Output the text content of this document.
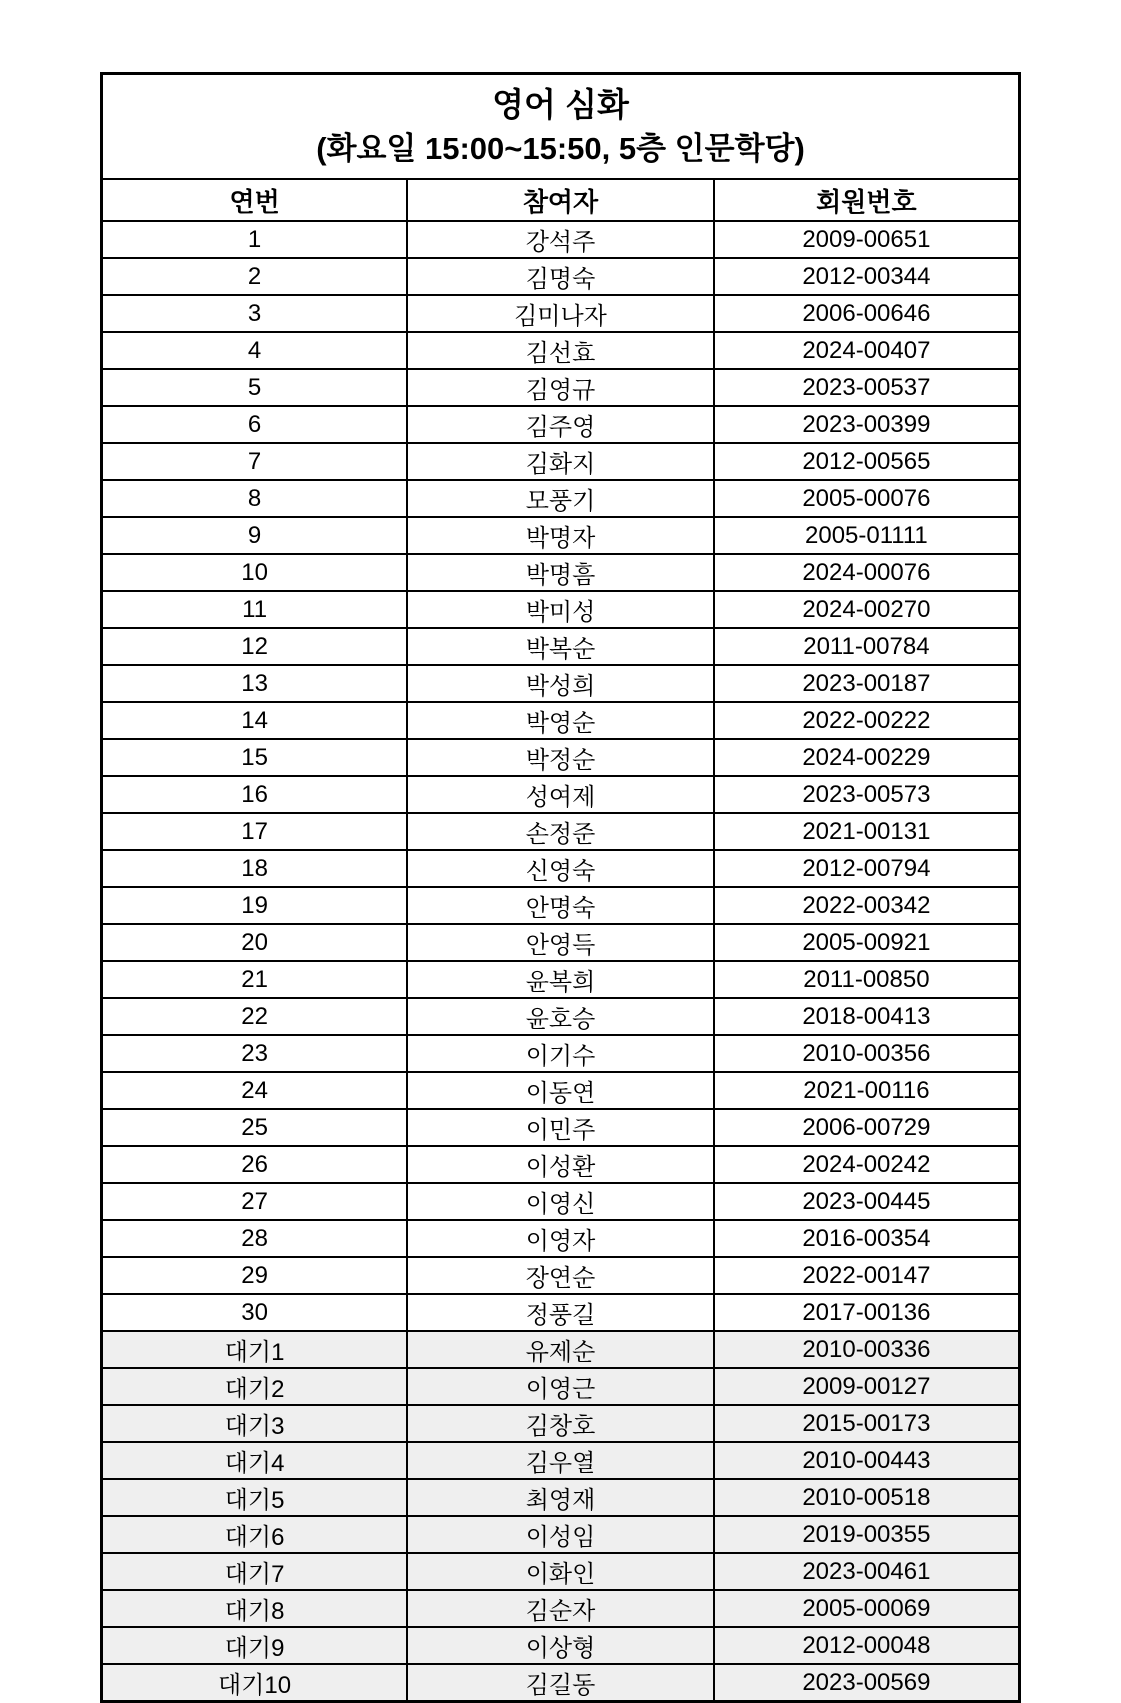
영어 심화
(화요일 15:00~15:50, 5층 인문학당)		

연번	참여자	회원번호
1	강석주	2009-00651
2	김명숙	2012-00344
3	김미나자	2006-00646
4	김선효	2024-00407
5	김영규	2023-00537
6	김주영	2023-00399
7	김화지	2012-00565
8	모풍기	2005-00076
9	박명자	2005-01111
10	박명흠	2024-00076
11	박미성	2024-00270
12	박복순	2011-00784
13	박성희	2023-00187
14	박영순	2022-00222
15	박정순	2024-00229
16	성여제	2023-00573
17	손정준	2021-00131
18	신영숙	2012-00794
19	안명숙	2022-00342
20	안영득	2005-00921
21	윤복희	2011-00850
22	윤호승	2018-00413
23	이기수	2010-00356
24	이동연	2021-00116
25	이민주	2006-00729
26	이성환	2024-00242
27	이영신	2023-00445
28	이영자	2016-00354
29	장연순	2022-00147
30	정풍길	2017-00136
대기1	유제순	2010-00336
대기2	이영근	2009-00127
대기3	김창호	2015-00173
대기4	김우열	2010-00443
대기5	최영재	2010-00518
대기6	이성임	2019-00355
대기7	이화인	2023-00461
대기8	김순자	2005-00069
대기9	이상형	2012-00048
대기10	김길동	2023-00569
